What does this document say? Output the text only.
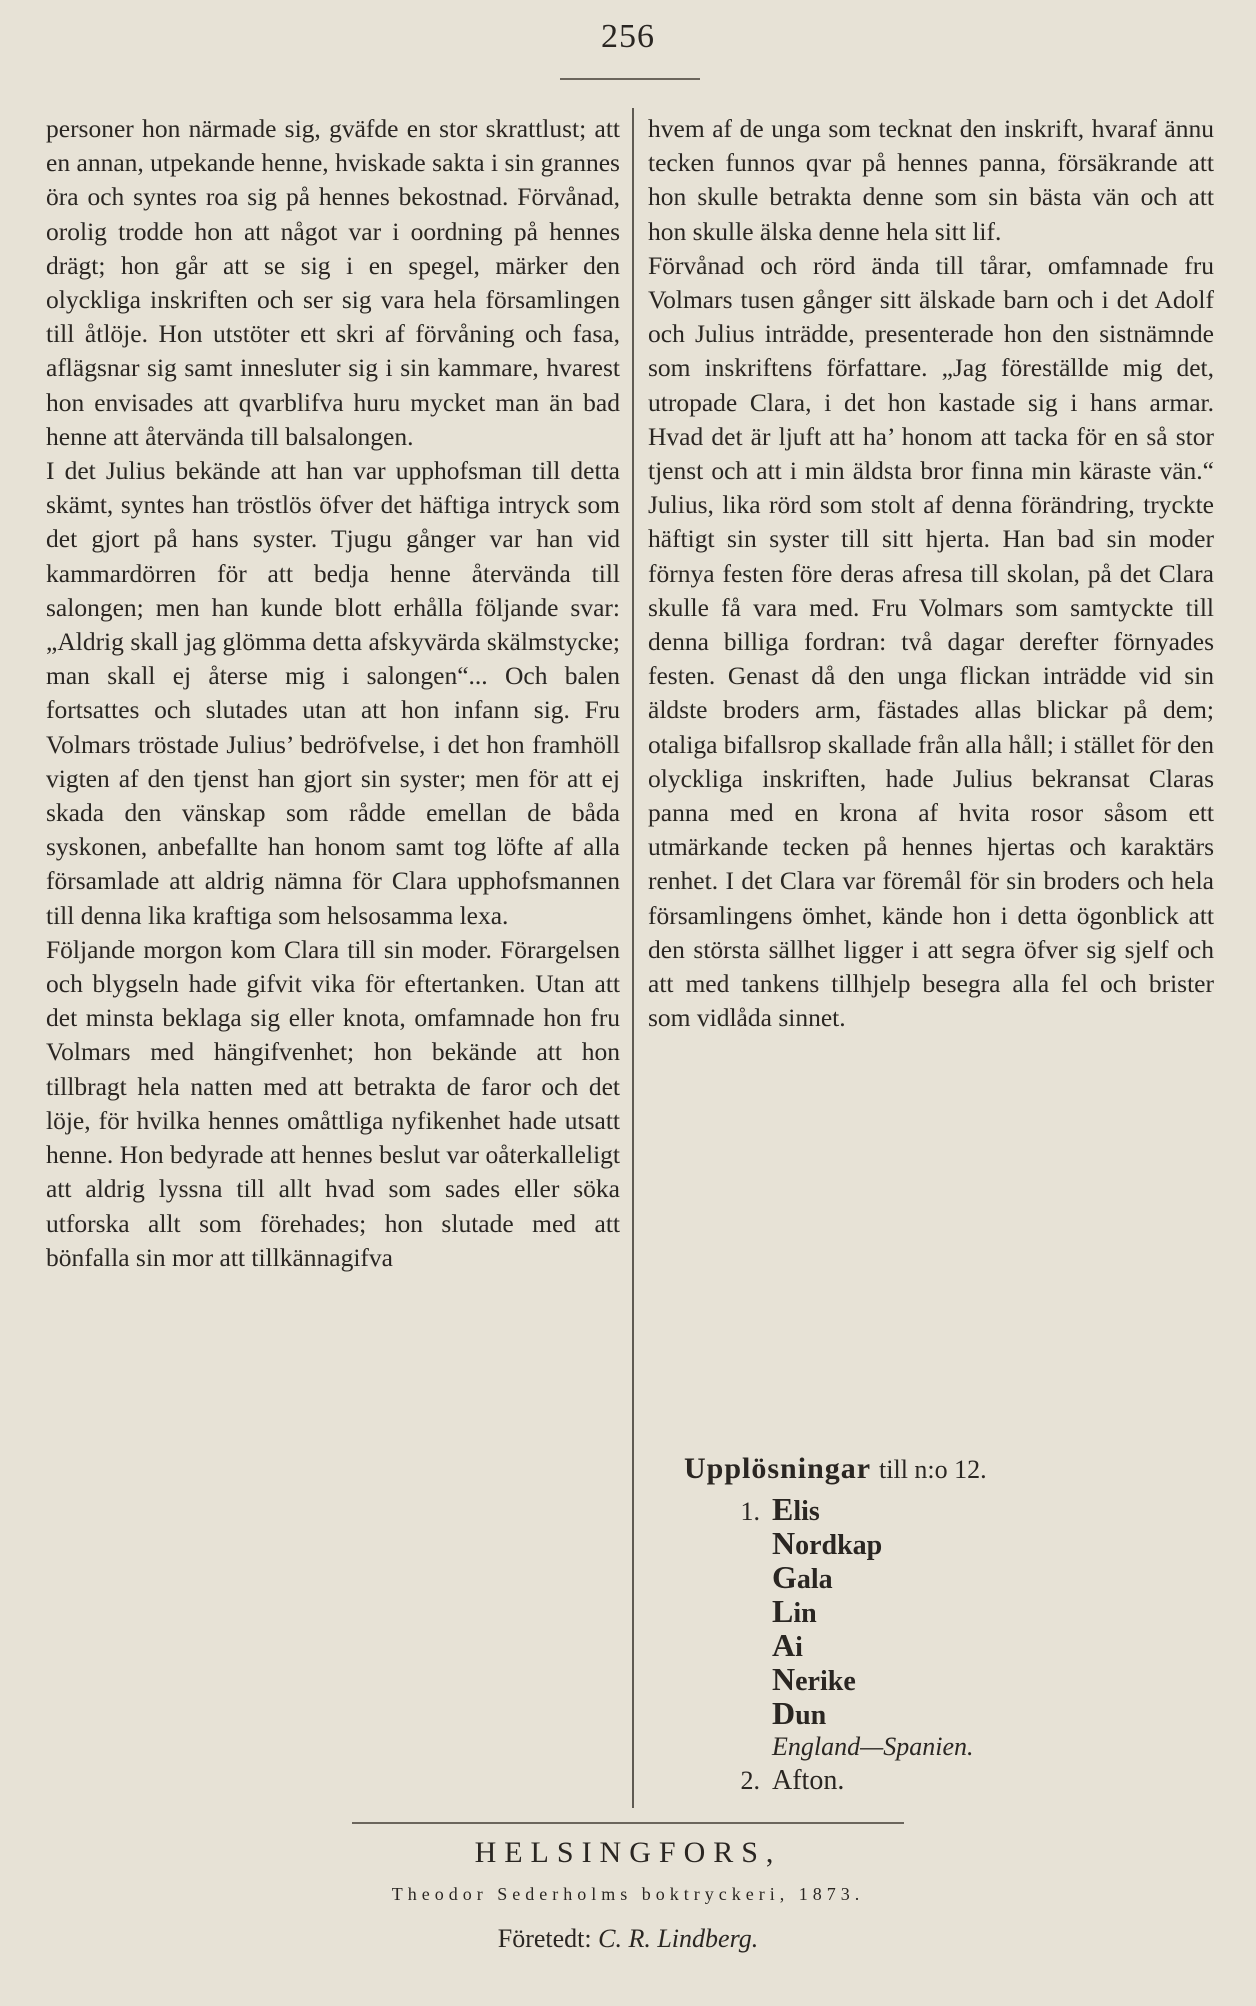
256

personer hon närmade sig, gväfde en stor skrattlust; att en annan, utpekande henne, hviskade sakta i sin grannes öra och syntes roa sig på hennes bekostnad. Förvånad, orolig trodde hon att något var i oordning på hennes drägt; hon går att se sig i en spegel, märker den olyckliga inskriften och ser sig vara hela församlingen till åtlöje. Hon utstöter ett skri af förvåning och fasa, aflägsnar sig samt innesluter sig i sin kammare, hvarest hon envisades att qvarblifva huru mycket man än bad henne att återvända till balsalongen.

I det Julius bekände att han var upphofsman till detta skämt, syntes han tröstlös öfver det häftiga intryck som det gjort på hans syster. Tjugu gånger var han vid kammardörren för att bedja henne återvända till salongen; men han kunde blott erhålla följande svar: „Aldrig skall jag glömma detta afskyvärda skälmstycke; man skall ej återse mig i salongen“... Och balen fortsattes och slutades utan att hon infann sig. Fru Volmars tröstade Julius’ bedröfvelse, i det hon framhöll vigten af den tjenst han gjort sin syster; men för att ej skada den vänskap som rådde emellan de båda syskonen, anbefallte han honom samt tog löfte af alla församlade att aldrig nämna för Clara upphofsmannen till denna lika kraftiga som helsosamma lexa.

Följande morgon kom Clara till sin moder. Förargelsen och blygseln hade gifvit vika för eftertanken. Utan att det minsta beklaga sig eller knota, omfamnade hon fru Volmars med hängifvenhet; hon bekände att hon tillbragt hela natten med att betrakta de faror och det löje, för hvilka hennes omåttliga nyfikenhet hade utsatt henne. Hon bedyrade att hennes beslut var oåterkalleligt att aldrig lyssna till allt hvad som sades eller söka utforska allt som förehades; hon slutade med att bönfalla sin mor att tillkännagifva

hvem af de unga som tecknat den inskrift, hvaraf ännu tecken funnos qvar på hennes panna, försäkrande att hon skulle betrakta denne som sin bästa vän och att hon skulle älska denne hela sitt lif.

Förvånad och rörd ända till tårar, omfamnade fru Volmars tusen gånger sitt älskade barn och i det Adolf och Julius inträdde, presenterade hon den sistnämnde som inskriftens författare. „Jag föreställde mig det, utropade Clara, i det hon kastade sig i hans armar. Hvad det är ljuft att ha’ honom att tacka för en så stor tjenst och att i min äldsta bror finna min käraste vän.“ Julius, lika rörd som stolt af denna förändring, tryckte häftigt sin syster till sitt hjerta. Han bad sin moder förnya festen före deras afresa till skolan, på det Clara skulle få vara med. Fru Volmars som samtyckte till denna billiga fordran: två dagar derefter förnyades festen. Genast då den unga flickan inträdde vid sin äldste broders arm, fästades allas blickar på dem; otaliga bifallsrop skallade från alla håll; i stället för den olyckliga inskriften, hade Julius bekransat Claras panna med en krona af hvita rosor såsom ett utmärkande tecken på hennes hjertas och karaktärs renhet. I det Clara var föremål för sin broders och hela församlingens ömhet, kände hon i detta ögonblick att den största sällhet ligger i att segra öfver sig sjelf och att med tankens tillhjelp besegra alla fel och brister som vidlåda sinnet.

Upplösningar till n:o 12.
1. Elis
Nordkap
Gala
Lin
Ai
Nerike
Dun
England—Spanien.
2. Afton.
HELSINGFORS,
Theodor Sederholms boktryckeri, 1873.
Företedt: C. R. Lindberg.
